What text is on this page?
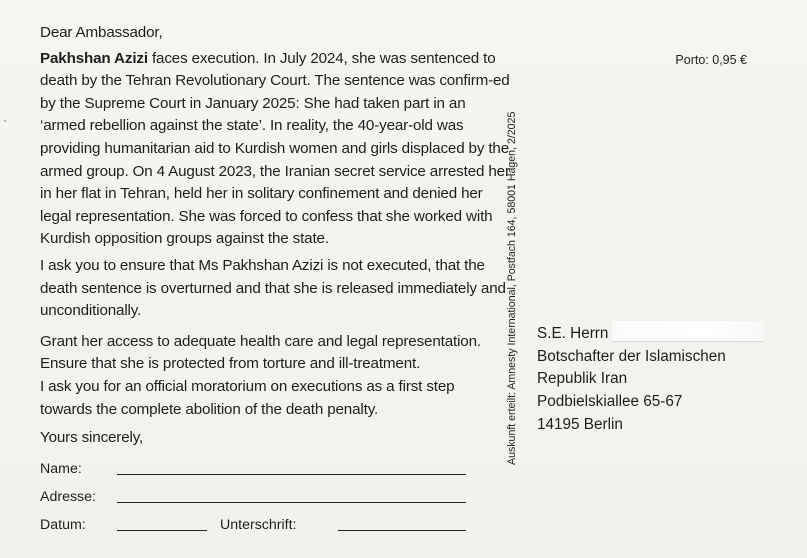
Dear Ambassador,

Pakhshan Azizi faces execution. In July 2024, she was sentenced to death by the Tehran Revolutionary Court. The sentence was confirm-ed by the Supreme Court in January 2025: She had taken part in an ‘armed rebellion against the state’. In reality, the 40-year-old was providing humanitarian aid to Kurdish women and girls displaced by the armed group. On 4 August 2023, the Iranian secret service arrested her in her flat in Tehran, held her in solitary confinement and denied her legal representation. She was forced to confess that she worked with Kurdish opposition groups against the state.

I ask you to ensure that Ms Pakhshan Azizi is not executed, that the death sentence is overturned and that she is released immediately and unconditionally.

Grant her access to adequate health care and legal representation.
Ensure that she is protected from torture and ill-treatment.
I ask you for an official moratorium on executions as a first step towards the complete abolition of the death penalty.

Yours sincerely,

Name:
Adresse:
Datum:	Unterschrift:
Auskunft erteilt: Amnesty International, Postfach 164, 58001 Hagen, 2/2025
Porto: 0,95 €
S.E. Herrn
Botschafter der Islamischen
Republik Iran
Podbielskiallee 65-67
14195 Berlin
